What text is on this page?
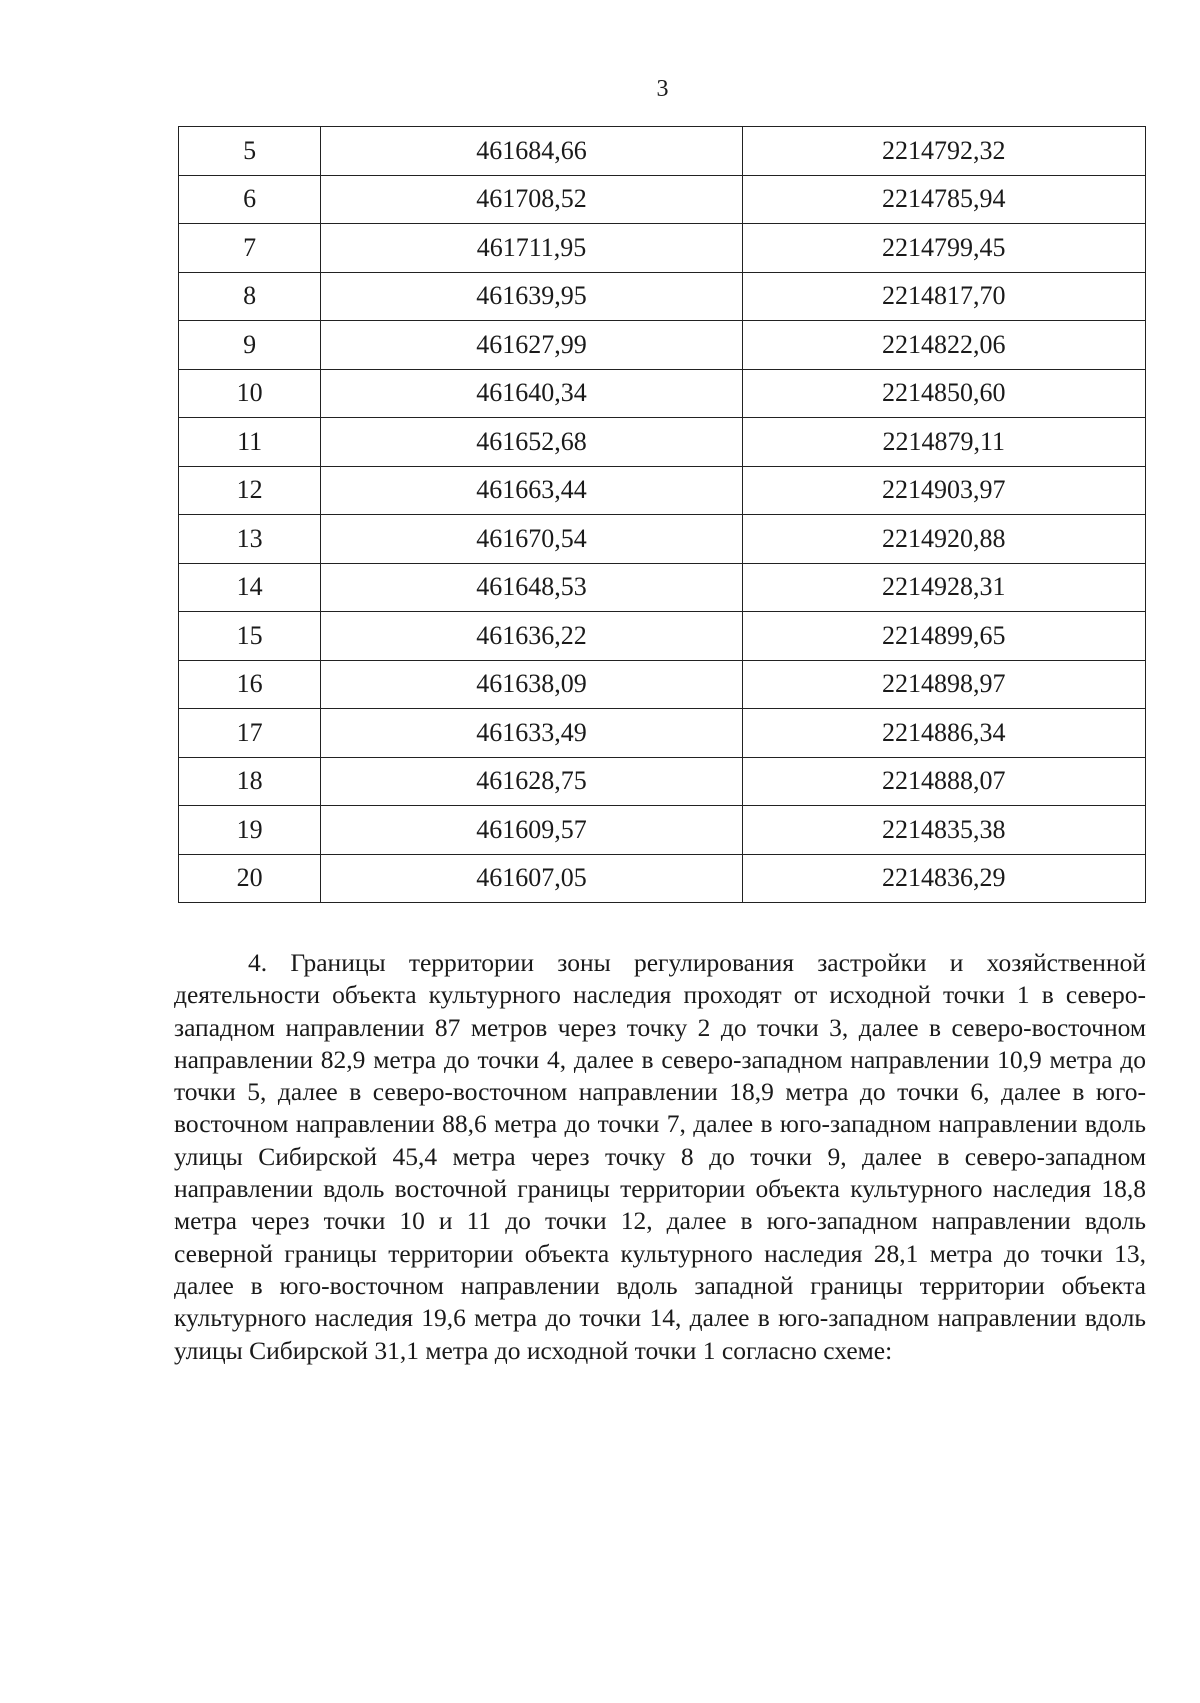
3
5	461684,66	2214792,32
6	461708,52	2214785,94
7	461711,95	2214799,45
8	461639,95	2214817,70
9	461627,99	2214822,06
10	461640,34	2214850,60
11	461652,68	2214879,11
12	461663,44	2214903,97
13	461670,54	2214920,88
14	461648,53	2214928,31
15	461636,22	2214899,65
16	461638,09	2214898,97
17	461633,49	2214886,34
18	461628,75	2214888,07
19	461609,57	2214835,38
20	461607,05	2214836,29

4. Границы территории зоны регулирования застройки и хозяйственной деятельности объекта культурного наследия проходят от исходной точки 1 в северо-западном направлении 87 метров через точку 2 до точки 3, далее в северо-восточном направлении 82,9 метра до точки 4, далее в северо-западном направлении 10,9 метра до точки 5, далее в северо-восточном направлении 18,9 метра до точки 6, далее в юго-восточном направлении 88,6 метра до точки 7, далее в юго-западном направлении вдоль улицы Сибирской 45,4 метра через точку 8 до точки 9, далее в северо-западном направлении вдоль восточной границы территории объекта культурного наследия 18,8 метра через точки 10 и 11 до точки 12, далее в юго-западном направлении вдоль северной границы территории объекта культурного наследия 28,1 метра до точки 13, далее в юго-восточном направлении вдоль западной границы территории объекта культурного наследия 19,6 метра до точки 14, далее в юго-западном направлении вдоль улицы Сибирской 31,1 метра до исходной точки 1 согласно схеме:
